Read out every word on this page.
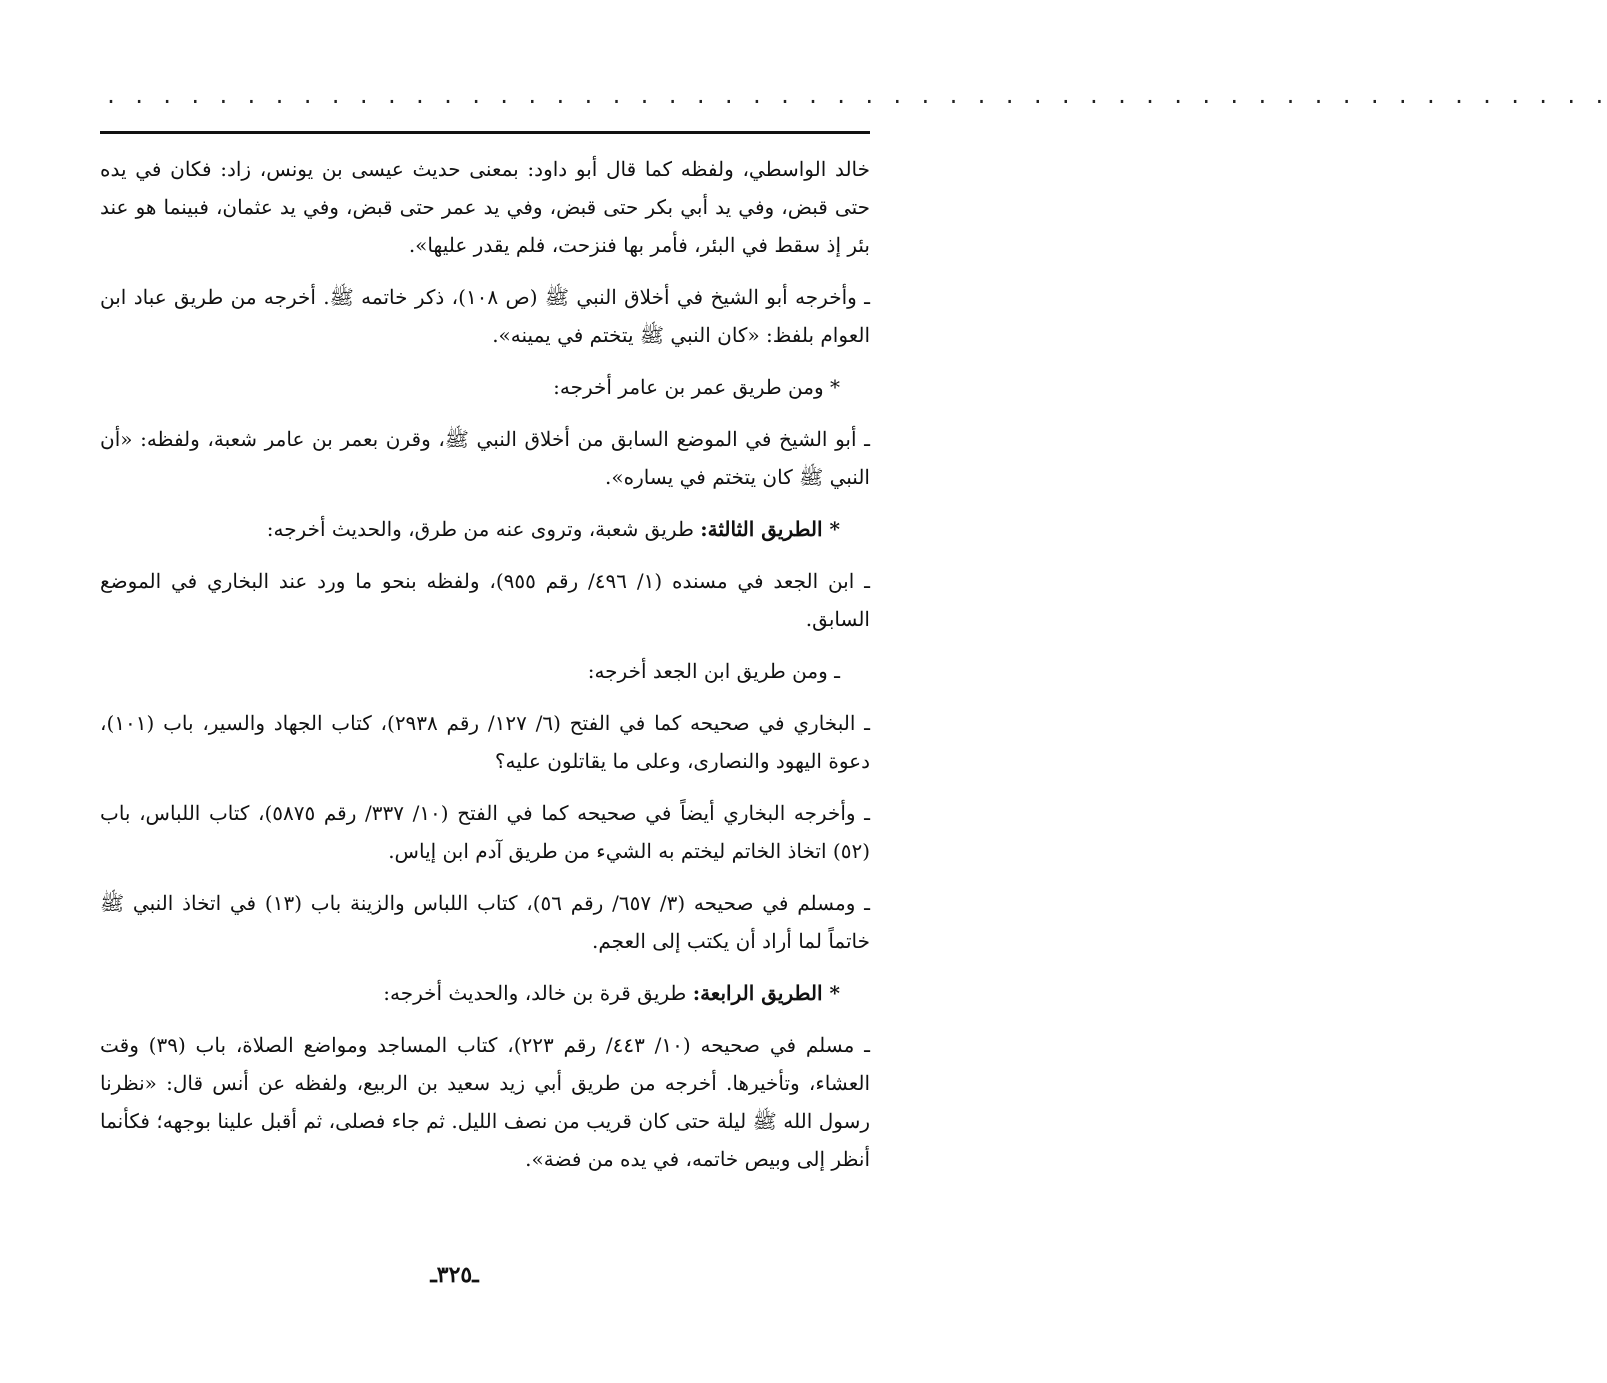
. . . . . . . . . . . . . . . . . . . . . . . . . . . . . . . . . . . . . . . . . . . . . . . . . . . . . .

خالد الواسطي، ولفظه كما قال أبو داود: بمعنى حديث عيسى بن يونس، زاد: فكان في يده حتى قبض، وفي يد أبي بكر حتى قبض، وفي يد عمر حتى قبض، وفي يد عثمان، فبينما هو عند بئر إذ سقط في البئر، فأمر بها فنزحت، فلم يقدر عليها».

ـ وأخرجه أبو الشيخ في أخلاق النبي ﷺ (ص ١٠٨)، ذكر خاتمه ﷺ. أخرجه من طريق عباد ابن العوام بلفظ: «كان النبي ﷺ يتختم في يمينه».

* ومن طريق عمر بن عامر أخرجه:

ـ أبو الشيخ في الموضع السابق من أخلاق النبي ﷺ، وقرن بعمر بن عامر شعبة، ولفظه: «أن النبي ﷺ كان يتختم في يساره».

* الطريق الثالثة: طريق شعبة، وتروى عنه من طرق، والحديث أخرجه:

ـ ابن الجعد في مسنده (١/ ٤٩٦/ رقم ٩٥٥)، ولفظه بنحو ما ورد عند البخاري في الموضع السابق.

ـ ومن طريق ابن الجعد أخرجه:

ـ البخاري في صحيحه كما في الفتح (٦/ ١٢٧/ رقم ٢٩٣٨)، كتاب الجهاد والسير، باب (١٠١)، دعوة اليهود والنصارى، وعلى ما يقاتلون عليه؟

ـ وأخرجه البخاري أيضاً في صحيحه كما في الفتح (١٠/ ٣٣٧/ رقم ٥٨٧٥)، كتاب اللباس، باب (٥٢) اتخاذ الخاتم ليختم به الشيء من طريق آدم ابن إياس.

ـ ومسلم في صحيحه (٣/ ٦٥٧/ رقم ٥٦)، كتاب اللباس والزينة باب (١٣) في اتخاذ النبي ﷺ خاتماً لما أراد أن يكتب إلى العجم.

* الطريق الرابعة: طريق قرة بن خالد، والحديث أخرجه:

ـ مسلم في صحيحه (١٠/ ٤٤٣/ رقم ٢٢٣)، كتاب المساجد ومواضع الصلاة، باب (٣٩) وقت العشاء، وتأخيرها. أخرجه من طريق أبي زيد سعيد بن الربيع، ولفظه عن أنس قال: «نظرنا رسول الله ﷺ ليلة حتى كان قريب من نصف الليل. ثم جاء فصلى، ثم أقبل علينا بوجهه؛ فكأنما أنظر إلى وبيص خاتمه، في يده من فضة».

ـ٣٢٥ـ
